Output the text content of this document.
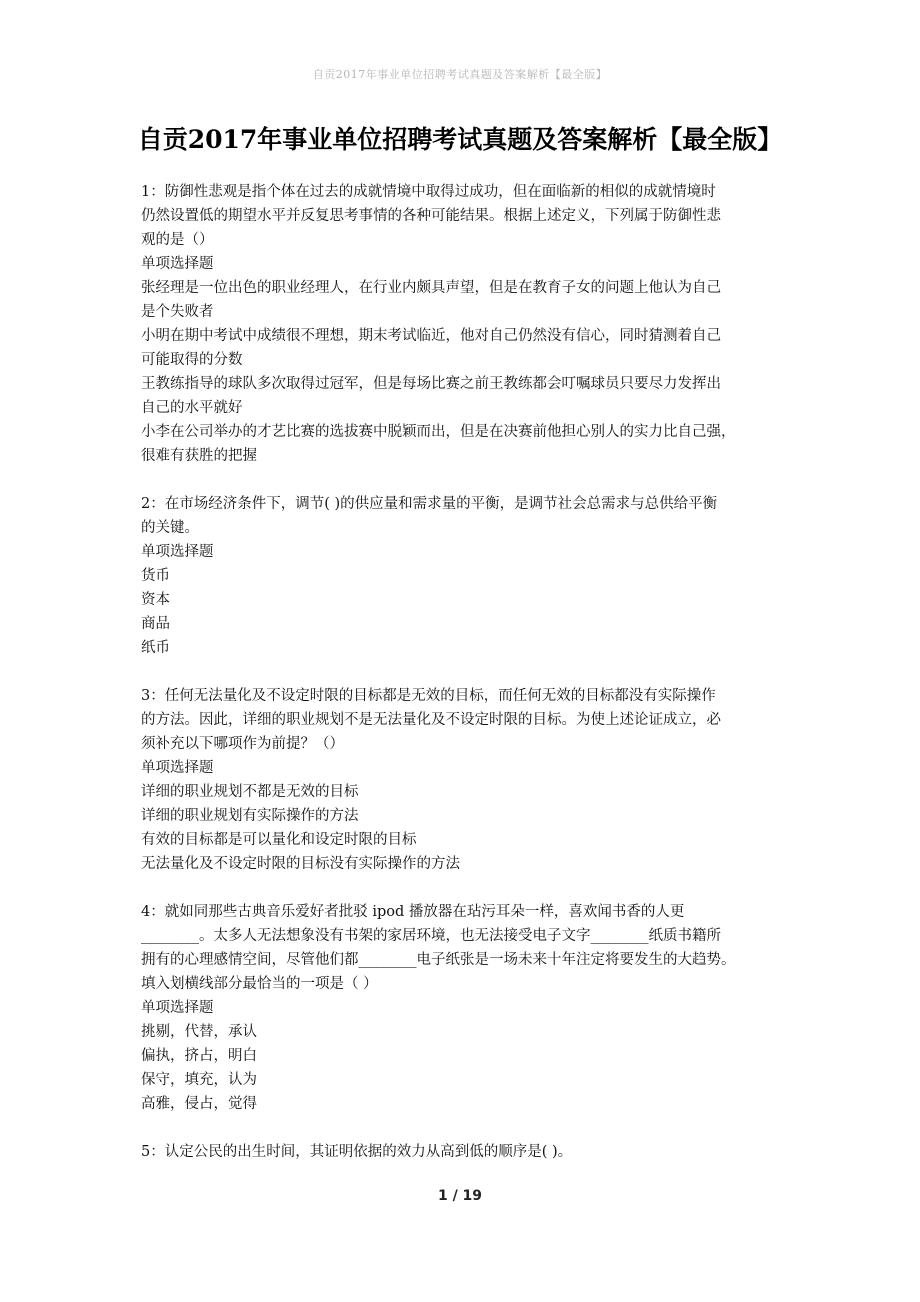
自贡2017年事业单位招聘考试真题及答案解析【最全版】
自贡2017年事业单位招聘考试真题及答案解析【最全版】

1：防御性悲观是指个体在过去的成就情境中取得过成功，但在面临新的相似的成就情境时

仍然设置低的期望水平并反复思考事情的各种可能结果。根据上述定义，下列属于防御性悲

观的是（）

单项选择题

张经理是一位出色的职业经理人，在行业内颇具声望，但是在教育子女的问题上他认为自己

是个失败者

小明在期中考试中成绩很不理想，期末考试临近，他对自己仍然没有信心，同时猜测着自己

可能取得的分数

王教练指导的球队多次取得过冠军，但是每场比赛之前王教练都会叮嘱球员只要尽力发挥出

自己的水平就好

小李在公司举办的才艺比赛的选拔赛中脱颖而出，但是在决赛前他担心别人的实力比自己强，

很难有获胜的把握

2：在市场经济条件下，调节( )的供应量和需求量的平衡，是调节社会总需求与总供给平衡

的关键。

单项选择题

货币

资本

商品

纸币

3：任何无法量化及不设定时限的目标都是无效的目标，而任何无效的目标都没有实际操作

的方法。因此，详细的职业规划不是无法量化及不设定时限的目标。为使上述论证成立，必

须补充以下哪项作为前提？（）

单项选择题

详细的职业规划不都是无效的目标

详细的职业规划有实际操作的方法

有效的目标都是可以量化和设定时限的目标

无法量化及不设定时限的目标没有实际操作的方法

4：就如同那些古典音乐爱好者批驳 ipod 播放器在玷污耳朵一样，喜欢闻书香的人更

________。太多人无法想象没有书架的家居环境，也无法接受电子文字________纸质书籍所

拥有的心理感情空间，尽管他们都________电子纸张是一场未来十年注定将要发生的大趋势。

填入划横线部分最恰当的一项是（ ）

单项选择题

挑剔，代替，承认

偏执，挤占，明白

保守，填充，认为

高雅，侵占，觉得

5：认定公民的出生时间，其证明依据的效力从高到低的顺序是( )。

1 / 19
